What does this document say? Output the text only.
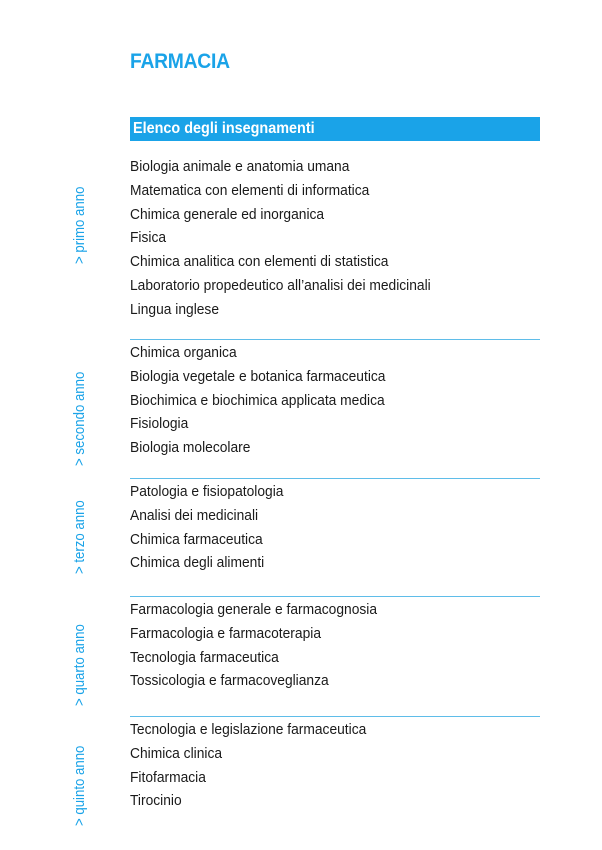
FARMACIA
Elenco degli insegnamenti
> primo anno
Biologia animale e anatomia umana
Matematica con elementi di informatica
Chimica generale ed inorganica
Fisica
Chimica analitica con elementi di statistica
Laboratorio propedeutico all’analisi dei medicinali
Lingua inglese
> secondo anno
Chimica organica
Biologia vegetale e botanica farmaceutica
Biochimica e biochimica applicata medica
Fisiologia
Biologia molecolare
> terzo anno
Patologia e fisiopatologia
Analisi dei medicinali
Chimica farmaceutica
Chimica degli alimenti
> quarto anno
Farmacologia generale e farmacognosia
Farmacologia e farmacoterapia
Tecnologia farmaceutica
Tossicologia e farmacoveglianza
> quinto anno
Tecnologia e legislazione farmaceutica
Chimica clinica
Fitofarmacia
Tirocinio
